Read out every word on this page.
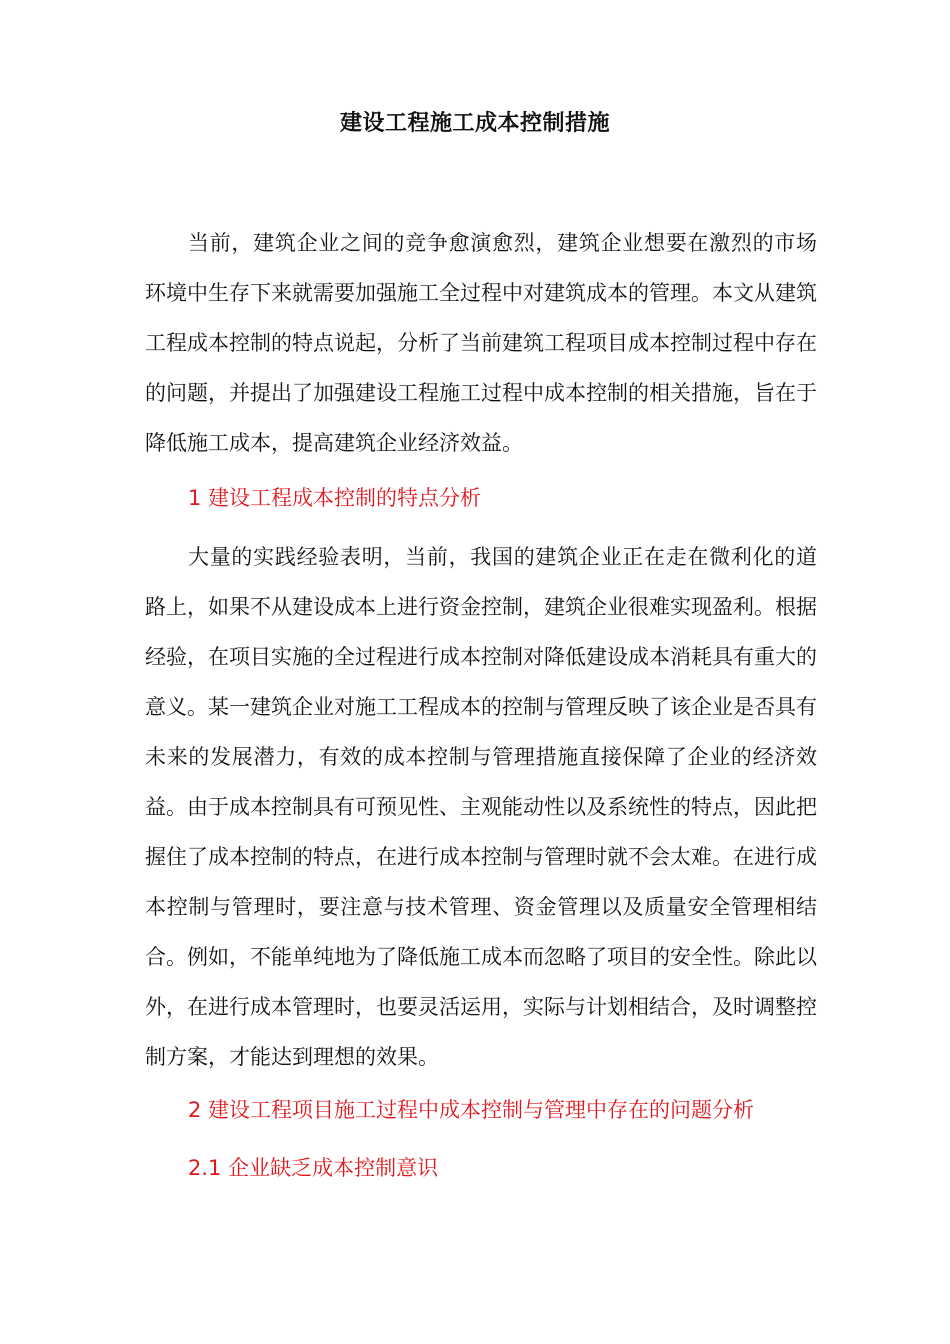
建设工程施工成本控制措施
当前，建筑企业之间的竞争愈演愈烈，建筑企业想要在激烈的市场环境中生存下来就需要加强施工全过程中对建筑成本的管理。本文从建筑工程成本控制的特点说起，分析了当前建筑工程项目成本控制过程中存在的问题，并提出了加强建设工程施工过程中成本控制的相关措施，旨在于降低施工成本，提高建筑企业经济效益。
1 建设工程成本控制的特点分析
大量的实践经验表明，当前，我国的建筑企业正在走在微利化的道路上，如果不从建设成本上进行资金控制，建筑企业很难实现盈利。根据经验，在项目实施的全过程进行成本控制对降低建设成本消耗具有重大的意义。某一建筑企业对施工工程成本的控制与管理反映了该企业是否具有未来的发展潜力，有效的成本控制与管理措施直接保障了企业的经济效益。由于成本控制具有可预见性、主观能动性以及系统性的特点，因此把握住了成本控制的特点，在进行成本控制与管理时就不会太难。在进行成本控制与管理时，要注意与技术管理、资金管理以及质量安全管理相结合。例如，不能单纯地为了降低施工成本而忽略了项目的安全性。除此以外，在进行成本管理时，也要灵活运用，实际与计划相结合，及时调整控制方案，才能达到理想的效果。
2 建设工程项目施工过程中成本控制与管理中存在的问题分析
2.1 企业缺乏成本控制意识
